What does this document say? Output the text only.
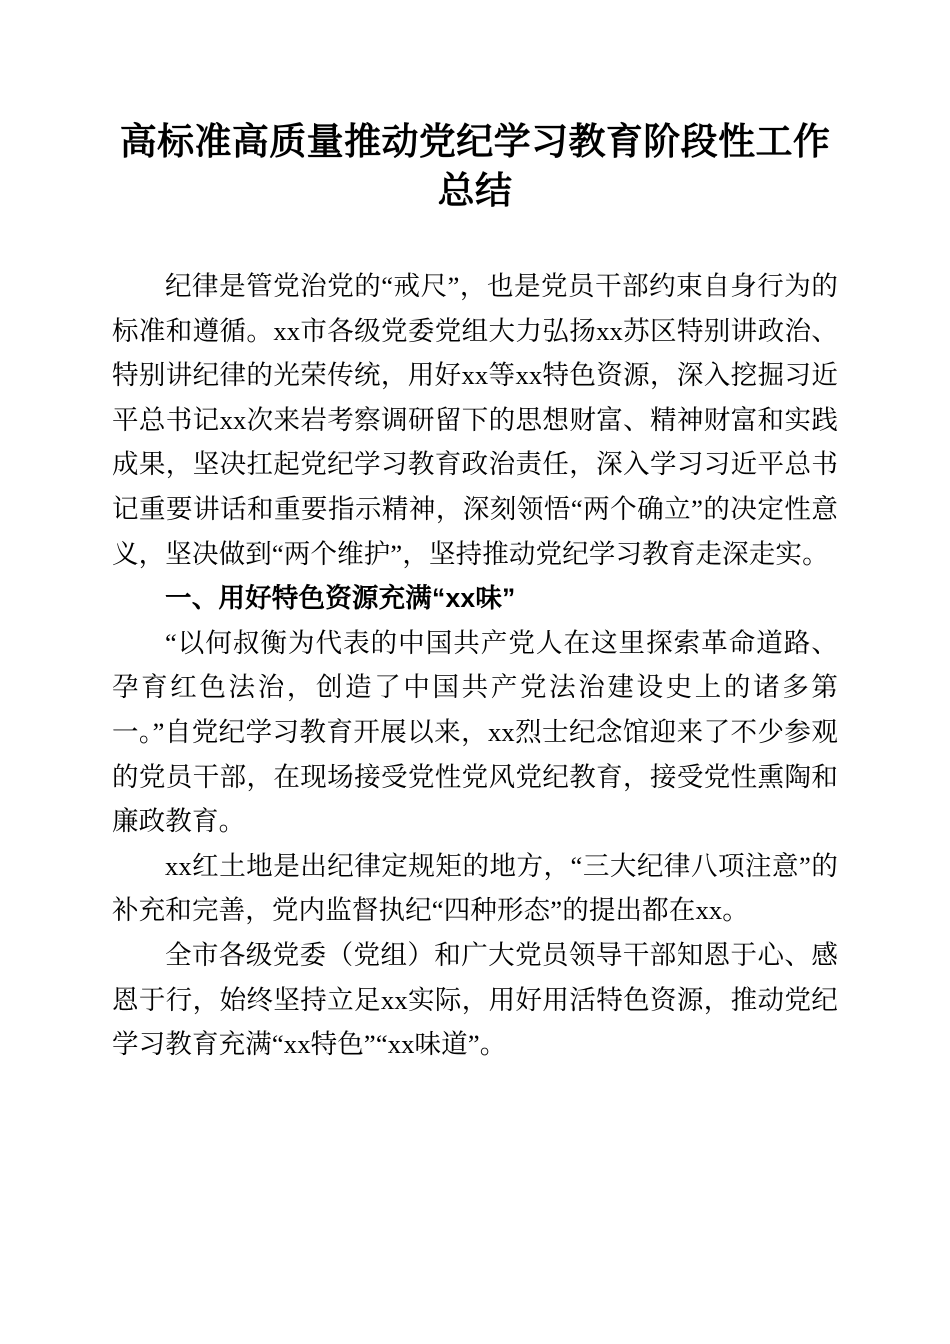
高标准高质量推动党纪学习教育阶段性工作总结

纪律是管党治党的“戒尺”，也是党员干部约束自身行为的标准和遵循。xx市各级党委党组大力弘扬xx苏区特别讲政治、特别讲纪律的光荣传统，用好xx等xx特色资源，深入挖掘习近平总书记xx次来岩考察调研留下的思想财富、精神财富和实践成果，坚决扛起党纪学习教育政治责任，深入学习习近平总书记重要讲话和重要指示精神，深刻领悟“两个确立”的决定性意义，坚决做到“两个维护”，坚持推动党纪学习教育走深走实。

一、用好特色资源充满“xx味”

“以何叔衡为代表的中国共产党人在这里探索革命道路、孕育红色法治，创造了中国共产党法治建设史上的诸多第一。”自党纪学习教育开展以来，xx烈士纪念馆迎来了不少参观的党员干部，在现场接受党性党风党纪教育，接受党性熏陶和廉政教育。

xx红土地是出纪律定规矩的地方，“三大纪律八项注意”的补充和完善，党内监督执纪“四种形态”的提出都在xx。

全市各级党委（党组）和广大党员领导干部知恩于心、感恩于行，始终坚持立足xx实际，用好用活特色资源，推动党纪学习教育充满“xx特色”“xx味道”。
